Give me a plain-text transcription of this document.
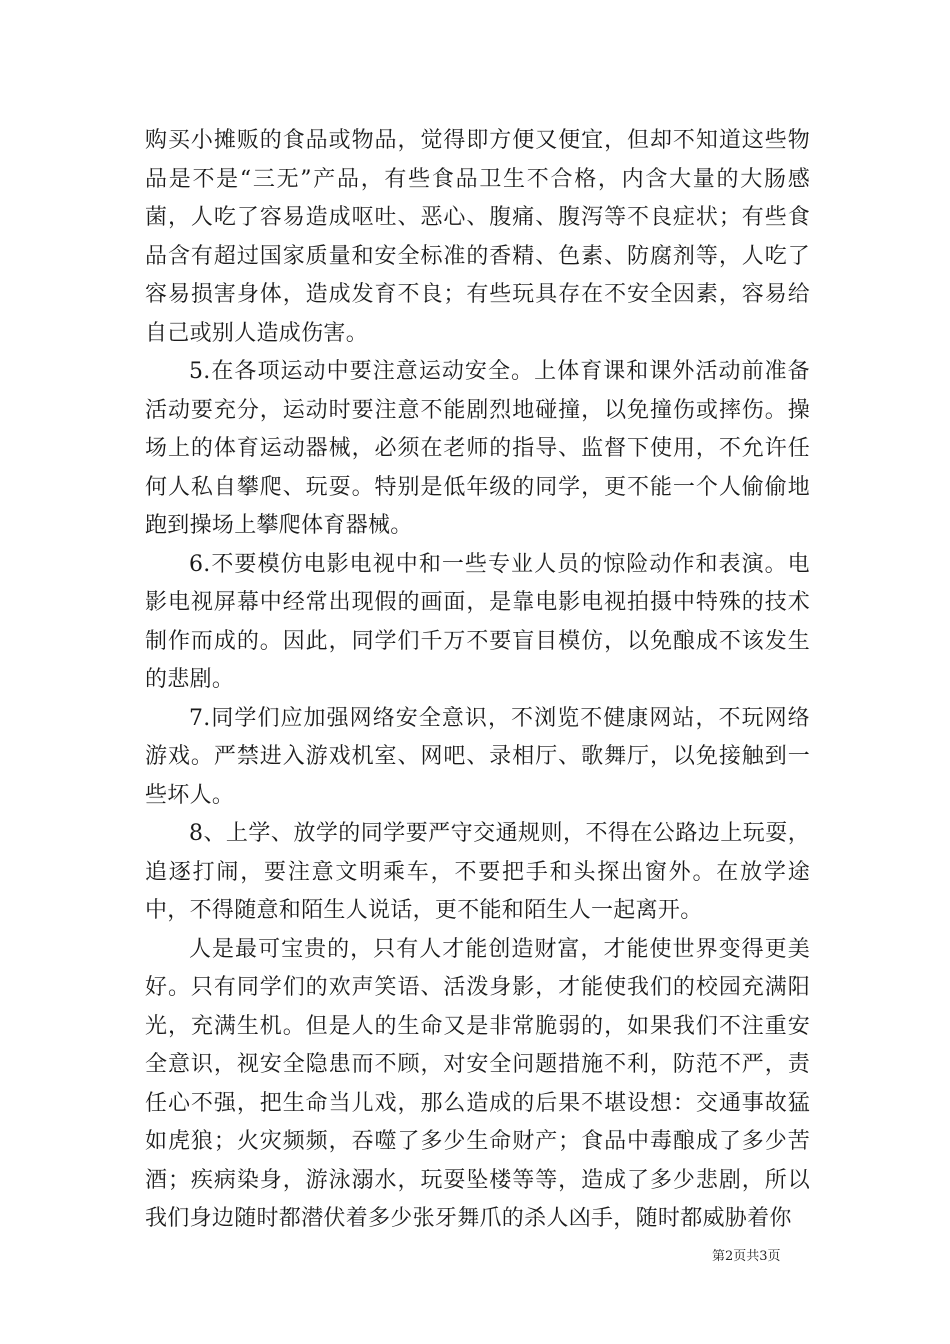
购买小摊贩的食品或物品，觉得即方便又便宜，但却不知道这些物品是不是“三无”产品，有些食品卫生不合格，内含大量的大肠感菌，人吃了容易造成呕吐、恶心、腹痛、腹泻等不良症状；有些食品含有超过国家质量和安全标准的香精、色素、防腐剂等，人吃了容易损害身体，造成发育不良；有些玩具存在不安全因素，容易给自己或别人造成伤害。

5.在各项运动中要注意运动安全。上体育课和课外活动前准备活动要充分，运动时要注意不能剧烈地碰撞，以免撞伤或摔伤。操场上的体育运动器械，必须在老师的指导、监督下使用，不允许任何人私自攀爬、玩耍。特别是低年级的同学，更不能一个人偷偷地跑到操场上攀爬体育器械。

6.不要模仿电影电视中和一些专业人员的惊险动作和表演。电影电视屏幕中经常出现假的画面，是靠电影电视拍摄中特殊的技术制作而成的。因此，同学们千万不要盲目模仿，以免酿成不该发生的悲剧。

7.同学们应加强网络安全意识，不浏览不健康网站，不玩网络游戏。严禁进入游戏机室、网吧、录相厅、歌舞厅，以免接触到一些坏人。

8、上学、放学的同学要严守交通规则，不得在公路边上玩耍，追逐打闹，要注意文明乘车，不要把手和头探出窗外。在放学途中，不得随意和陌生人说话，更不能和陌生人一起离开。

人是最可宝贵的，只有人才能创造财富，才能使世界变得更美好。只有同学们的欢声笑语、活泼身影，才能使我们的校园充满阳光，充满生机。但是人的生命又是非常脆弱的，如果我们不注重安全意识，视安全隐患而不顾，对安全问题措施不利，防范不严，责任心不强，把生命当儿戏，那么造成的后果不堪设想：交通事故猛如虎狼；火灾频频，吞噬了多少生命财产；食品中毒酿成了多少苦酒；疾病染身，游泳溺水，玩耍坠楼等等，造成了多少悲剧，所以我们身边随时都潜伏着多少张牙舞爪的杀人凶手，随时都威胁着你

第2页共3页
